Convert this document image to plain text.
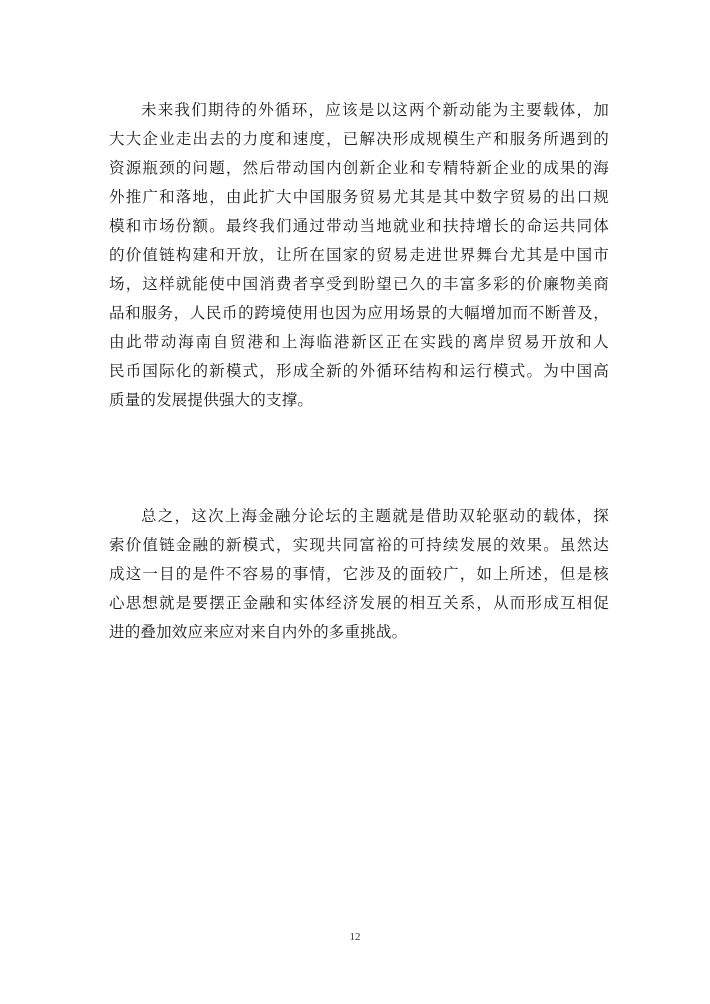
未来我们期待的外循环，应该是以这两个新动能为主要载体，加
大大企业走出去的力度和速度，已解决形成规模生产和服务所遇到的
资源瓶颈的问题，然后带动国内创新企业和专精特新企业的成果的海
外推广和落地，由此扩大中国服务贸易尤其是其中数字贸易的出口规
模和市场份额。最终我们通过带动当地就业和扶持增长的命运共同体
的价值链构建和开放，让所在国家的贸易走进世界舞台尤其是中国市
场，这样就能使中国消费者享受到盼望已久的丰富多彩的价廉物美商
品和服务，人民币的跨境使用也因为应用场景的大幅增加而不断普及，
由此带动海南自贸港和上海临港新区正在实践的离岸贸易开放和人
民币国际化的新模式，形成全新的外循环结构和运行模式。为中国高
质量的发展提供强大的支撑。
总之，这次上海金融分论坛的主题就是借助双轮驱动的载体，探
索价值链金融的新模式，实现共同富裕的可持续发展的效果。虽然达
成这一目的是件不容易的事情，它涉及的面较广，如上所述，但是核
心思想就是要摆正金融和实体经济发展的相互关系，从而形成互相促
进的叠加效应来应对来自内外的多重挑战。
12
